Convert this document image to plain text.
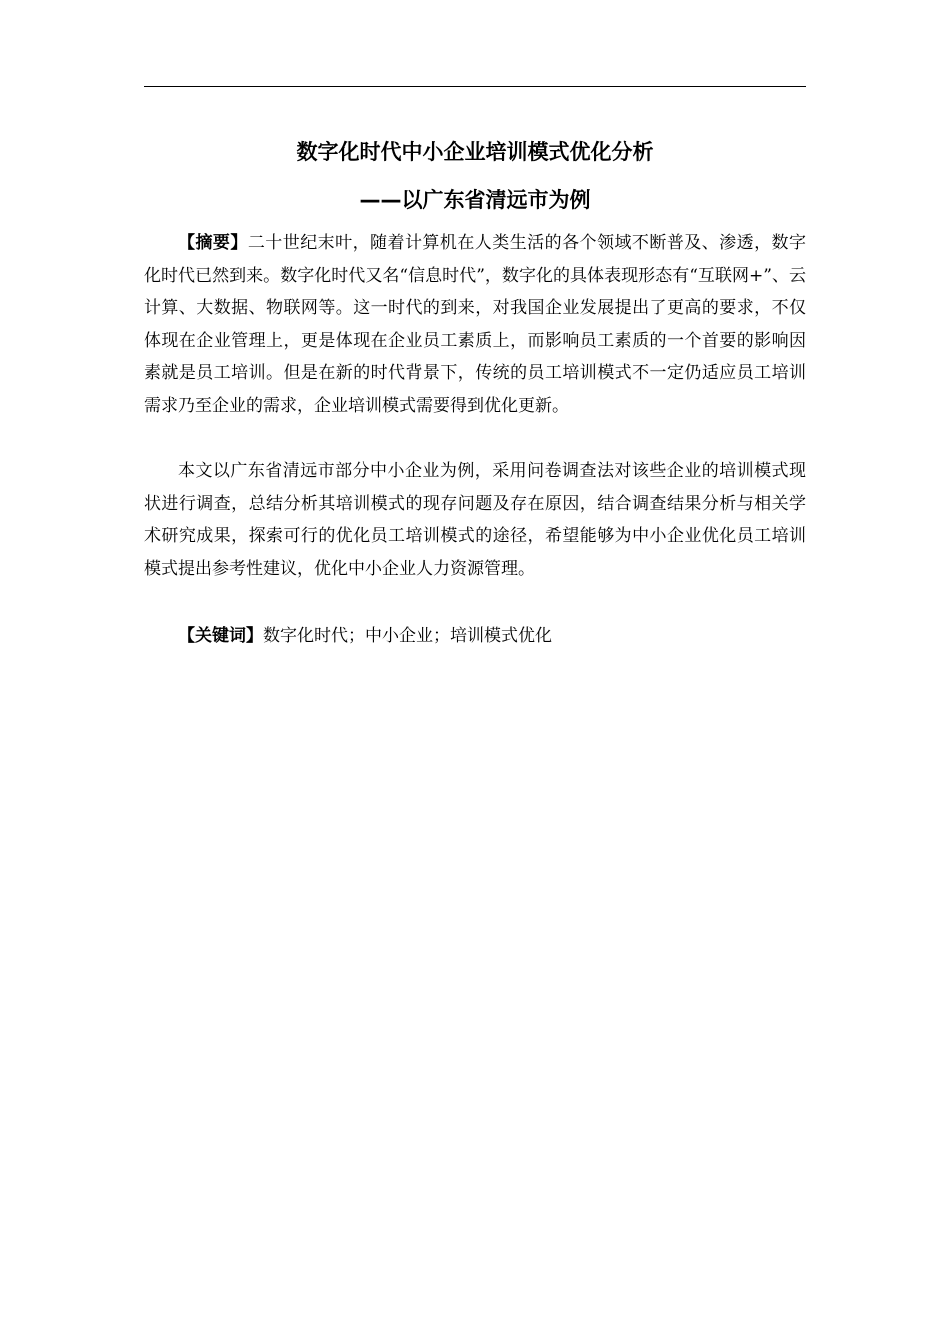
数字化时代中小企业培训模式优化分析
——以广东省清远市为例

【摘要】二十世纪末叶，随着计算机在人类生活的各个领域不断普及、渗透，数字化时代已然到来。数字化时代又名“信息时代”，数字化的具体表现形态有“互联网+”、云计算、大数据、物联网等。这一时代的到来，对我国企业发展提出了更高的要求，不仅体现在企业管理上，更是体现在企业员工素质上，而影响员工素质的一个首要的影响因素就是员工培训。但是在新的时代背景下，传统的员工培训模式不一定仍适应员工培训需求乃至企业的需求，企业培训模式需要得到优化更新。

本文以广东省清远市部分中小企业为例，采用问卷调查法对该些企业的培训模式现状进行调查，总结分析其培训模式的现存问题及存在原因，结合调查结果分析与相关学术研究成果，探索可行的优化员工培训模式的途径，希望能够为中小企业优化员工培训模式提出参考性建议，优化中小企业人力资源管理。

【关键词】数字化时代；中小企业；培训模式优化
